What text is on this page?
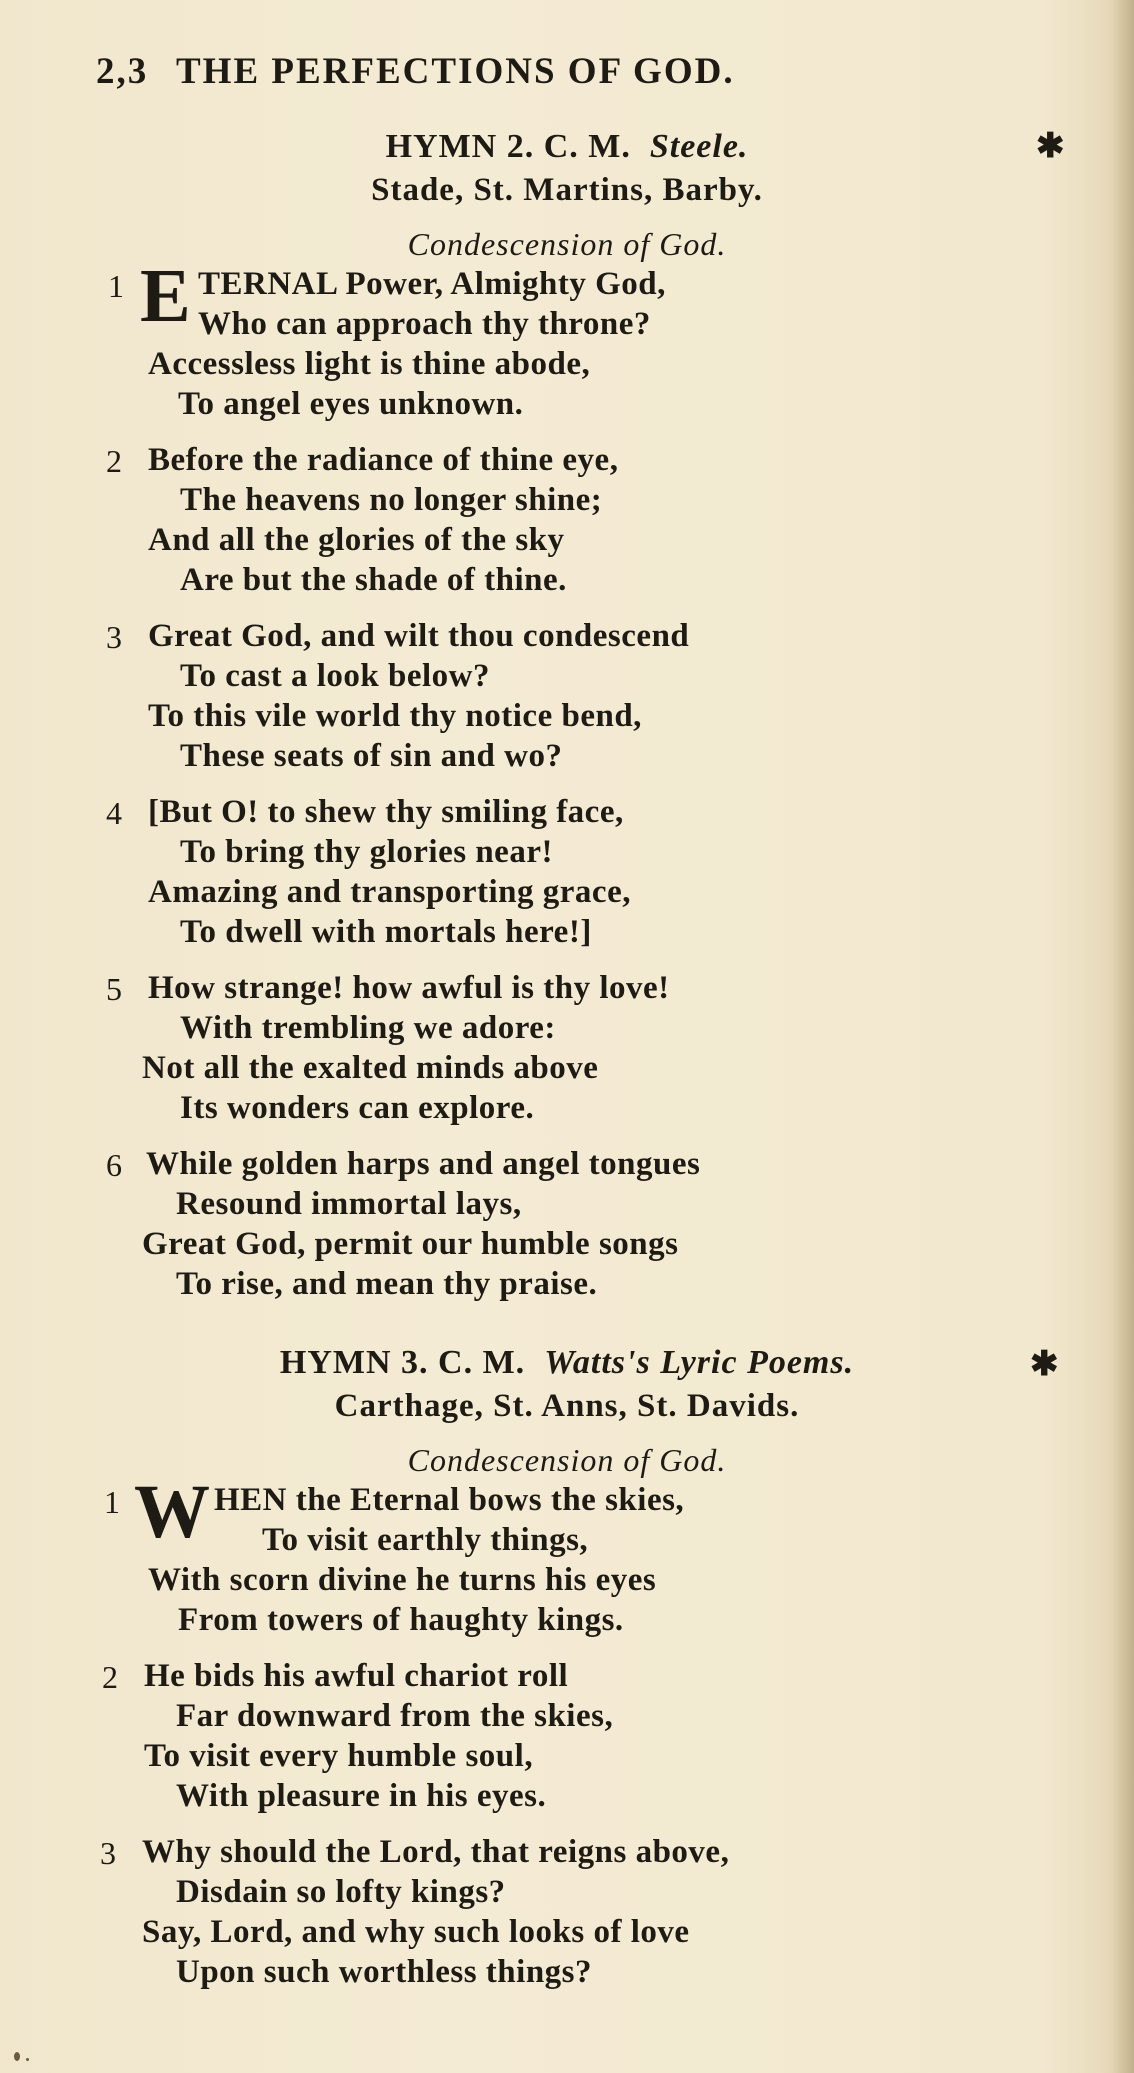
2,3 THE PERFECTIONS OF GOD.
HYMN 2. C. M. Steele.	✱
Stade, St. Martins, Barby.
Condescension of God.
1 E TERNAL Power, Almighty God,
Who can approach thy throne?
Accessless light is thine abode,
To angel eyes unknown.
2 Before the radiance of thine eye,
The heavens no longer shine;
And all the glories of the sky
Are but the shade of thine.
3 Great God, and wilt thou condescend
To cast a look below?
To this vile world thy notice bend,
These seats of sin and wo?
4 [But O! to shew thy smiling face,
To bring thy glories near!
Amazing and transporting grace,
To dwell with mortals here!]
5 How strange! how awful is thy love!
With trembling we adore:
Not all the exalted minds above
Its wonders can explore.
6 While golden harps and angel tongues
Resound immortal lays,
Great God, permit our humble songs
To rise, and mean thy praise.
HYMN 3. C. M. Watts's Lyric Poems.	✱
Carthage, St. Anns, St. Davids.
Condescension of God.
1 W HEN the Eternal bows the skies,
To visit earthly things,
With scorn divine he turns his eyes
From towers of haughty kings.
2 He bids his awful chariot roll
Far downward from the skies,
To visit every humble soul,
With pleasure in his eyes.
3 Why should the Lord, that reigns above,
Disdain so lofty kings?
Say, Lord, and why such looks of love
Upon such worthless things?
